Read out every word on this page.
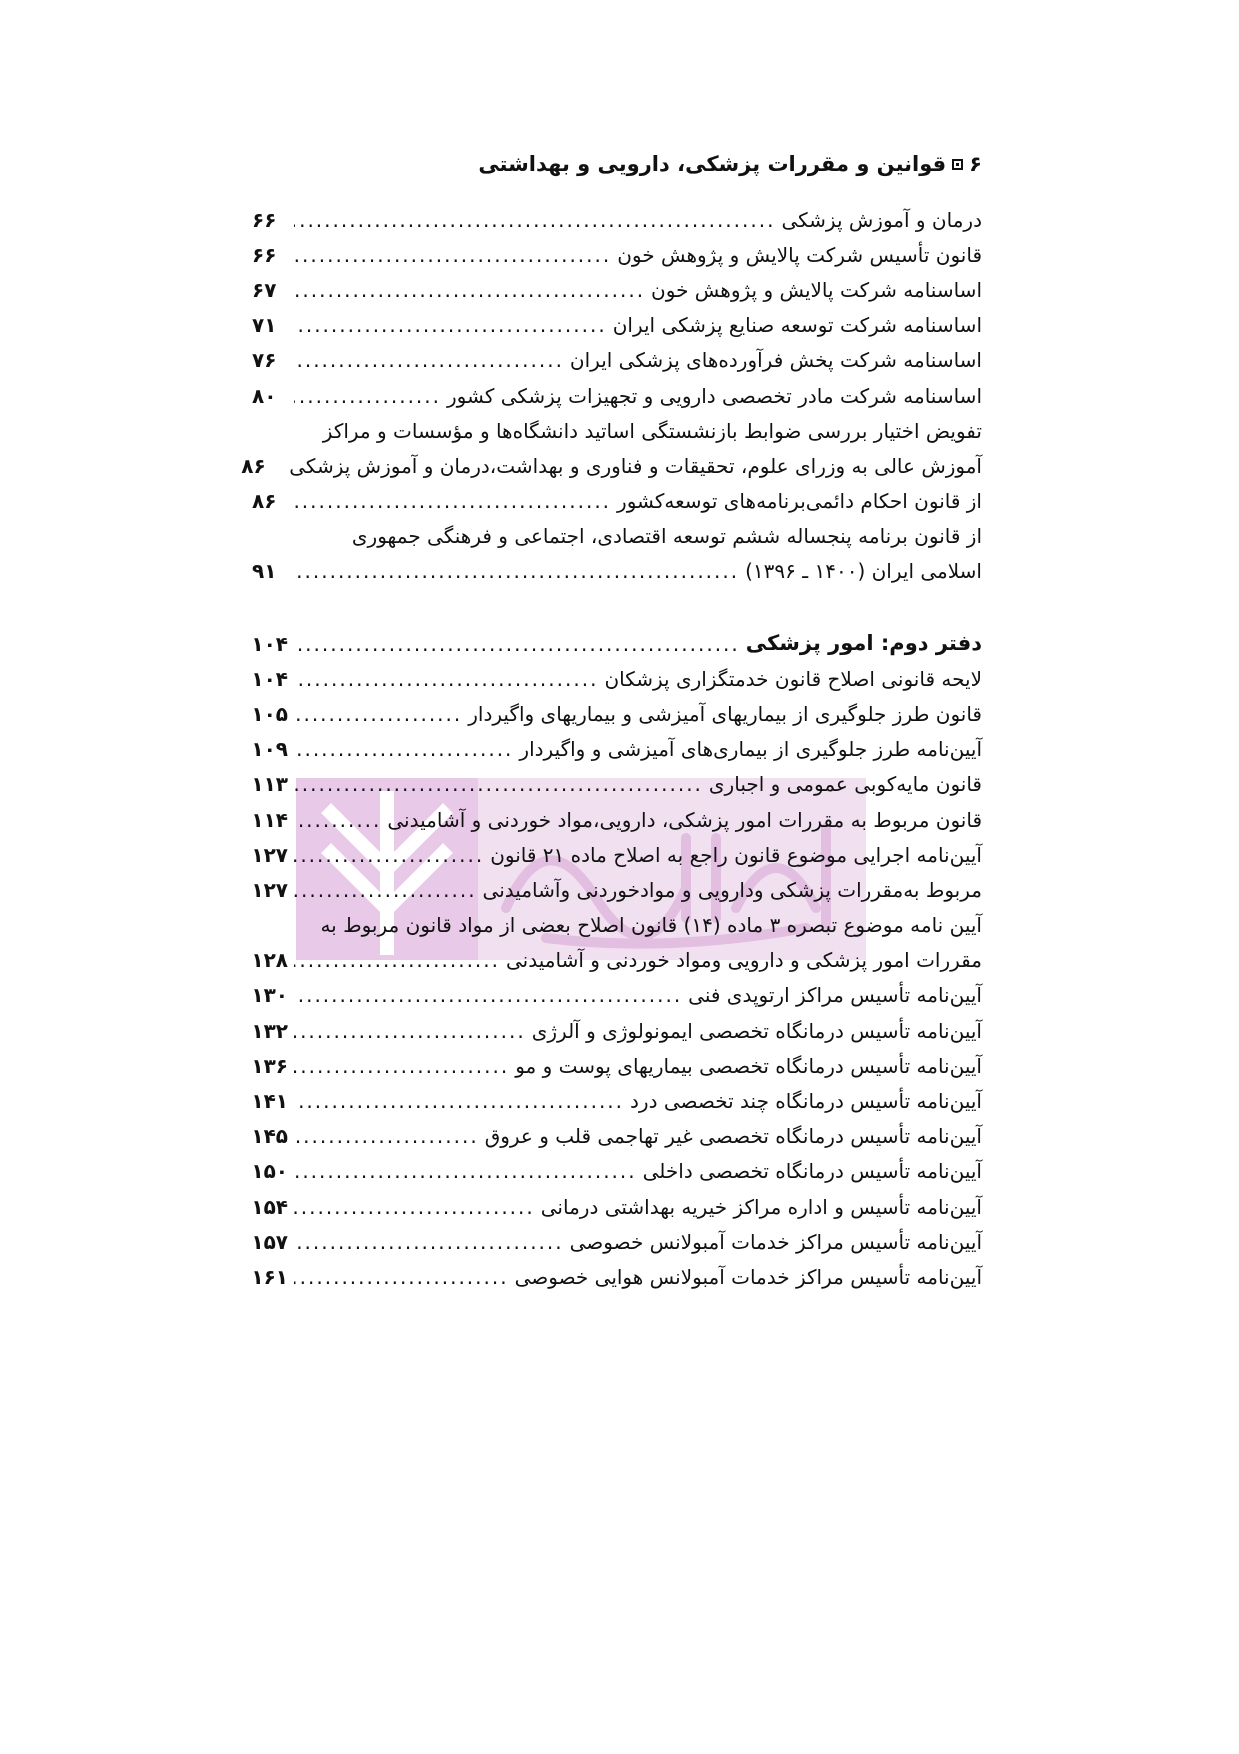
۶
قوانین و مقررات پزشکی، دارویی و بهداشتی
درمان و آموزش پزشکی
.....
۶۶
قانون تأسیس شرکت پالایش و پژوهش خون
.....
۶۶
اساسنامه شرکت پالایش و پژوهش خون
.....
۶۷
اساسنامه شرکت توسعه صنایع پزشکی ایران
.....
۷۱
اساسنامه شرکت پخش فرآورده‌های پزشکی ایران
.....
۷۶
اساسنامه شرکت مادر تخصصی دارویی و تجهیزات پزشکی کشور
.....
۸۰
تفویض اختیار بررسی ضوابط بازنشستگی اساتید دانشگاه‌ها و مؤسسات و مراکز
آموزش عالی به وزرای علوم، تحقیقات و فناوری و بهداشت،درمان و آموزش پزشکی
۸۶
از قانون احکام دائمی‌برنامه‌های توسعه‌کشور
.....
۸۶
از قانون برنامه پنجساله ششم توسعه اقتصادی، اجتماعی و فرهنگی جمهوری
اسلامی ایران (۱۴۰۰ ـ ۱۳۹۶)
.....
۹۱
دفتر دوم: امور پزشکی
.....
۱۰۴
لایحه قانونی اصلاح قانون خدمتگزاری پزشکان
.....
۱۰۴
قانون طرز جلوگیری از بیماریهای آمیزشی و بیماریهای واگیردار
.....
۱۰۵
آیین‌نامه طرز جلوگیری از بیماری‌های آمیزشی و واگیردار
.....
۱۰۹
قانون مایه‌کوبی عمومی و اجباری
.....
۱۱۳
قانون مربوط به مقررات امور پزشکی، دارویی،مواد خوردنی و آشامیدنی
.....
۱۱۴
آیین‌نامه اجرایی موضوع قانون راجع به اصلاح ماده ۲۱ قانون
.....
۱۲۷
مربوط به‌مقررات پزشکی ودارویی و موادخوردنی وآشامیدنی
.....
۱۲۷
آیین نامه موضوع تبصره ۳ ماده (۱۴) قانون اصلاح بعضی از مواد قانون مربوط به
مقررات امور پزشکی و دارویی ومواد خوردنی و آشامیدنی
.....
۱۲۸
آیین‌نامه تأسیس مراکز ارتوپدی فنی
.....
۱۳۰
آیین‌نامه تأسیس درمانگاه تخصصی ایمونولوژی و آلرژی
.....
۱۳۲
آیین‌نامه تأسیس درمانگاه تخصصی بیماریهای پوست و مو
.....
۱۳۶
آیین‌نامه تأسیس درمانگاه چند تخصصی درد
.....
۱۴۱
آیین‌نامه تأسیس درمانگاه تخصصی غیر تهاجمی قلب و عروق
.....
۱۴۵
آیین‌نامه تأسیس درمانگاه تخصصی داخلی
.....
۱۵۰
آیین‌نامه تأسیس و اداره مراکز خیریه بهداشتی درمانی
.....
۱۵۴
آیین‌نامه تأسیس مراکز خدمات آمبولانس خصوصی
.....
۱۵۷
آیین‌نامه تأسیس مراکز خدمات آمبولانس هوایی خصوصی
.....
۱۶۱
